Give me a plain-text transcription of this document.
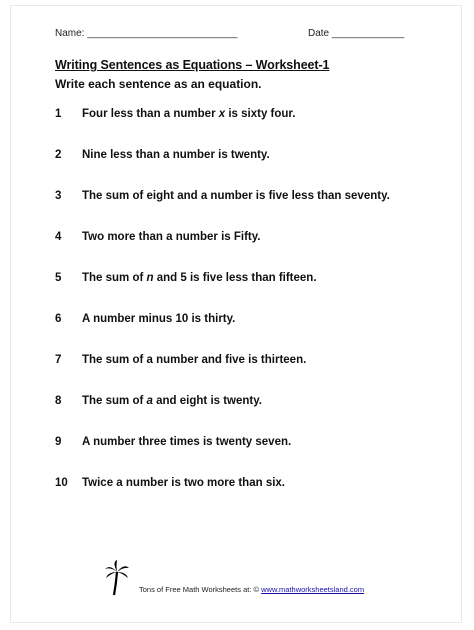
Name: ___________________________	Date _____________
Writing Sentences as Equations – Worksheet-1
Write each sentence as an equation.
1	Four less than a number x is sixty four.
2	Nine less than a number is twenty.
3	The sum of eight and a number is five less than seventy.
4	Two more than a number is Fifty.
5	The sum of n and 5 is five less than fifteen.
6	A number minus 10 is thirty.
7	The sum of a number and five is thirteen.
8	The sum of a and eight is twenty.
9	A number three times is twenty seven.
10	Twice a number is two more than six.
Tons of Free Math Worksheets at: © www.mathworksheetsland.com
